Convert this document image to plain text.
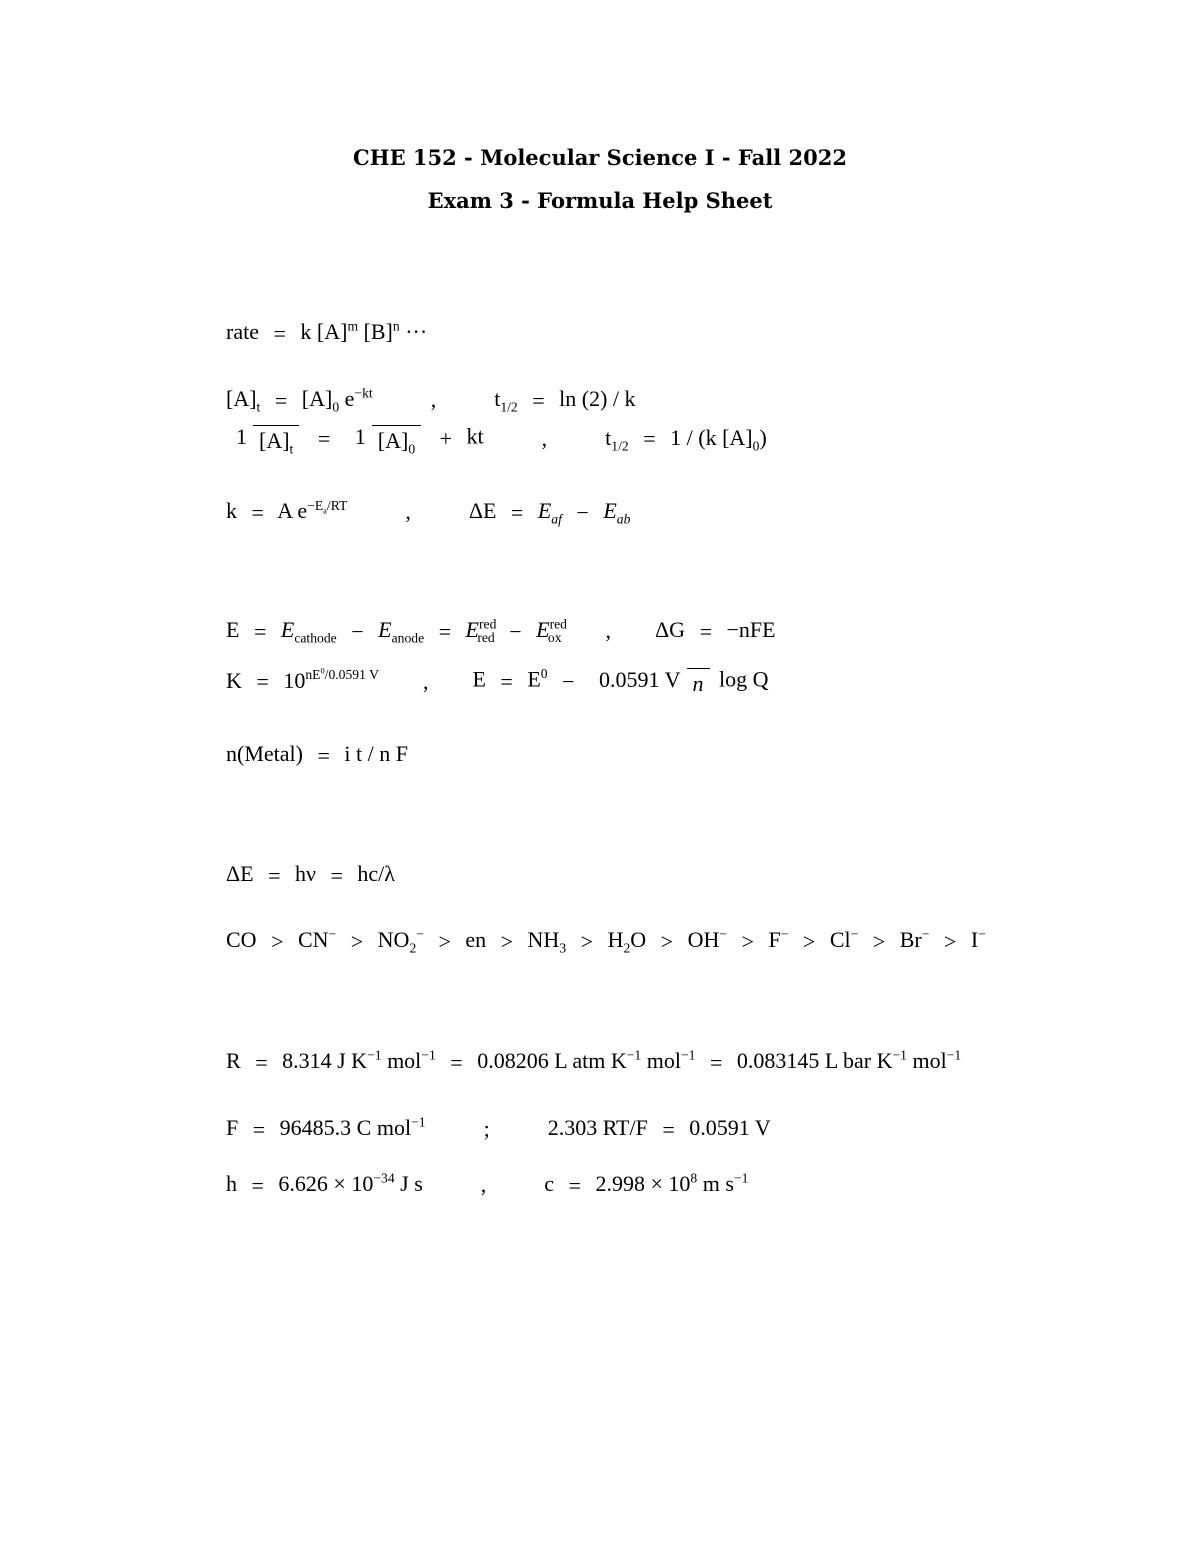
CHE 152 - Molecular Science I - Fall 2022
Exam 3 - Formula Help Sheet
rate = k $[A]^m$ $[B]^n$ ···
$[A]_t = [A]_0$ $e^{-kt}$	,	$t_{1/2} = \ln (2) / k$
1 $[A]_t = 1$ $[A]_0$ + kt	,	$t_{1/2} = 1 / (k$ $[A]_0$)
k = A $e^{-E_a/RT}$	,	$\Delta E = E_{af} - E_{ab}$
$E = E_{cathode} - E_{anode} = E^{red}_{red} - E^{red}_{ox}$ , ΔG = −nFE
$K = 10^{nE^0/0.0591 V}$ , $E = E^0 - 0.0591$ V n log Q
n(Metal) = i t / n F
ΔE = hν = hc/λ
CO > $CN^- > NO_2^-$ > en > $NH_3 > H_2O > OH^- > F^- > Cl^- > Br^- > I^-$
R = 8.314 J $K^{-1}$ mol$^{-1}$ = 0.08206 L atm $K^{-1}$ mol$^{-1}$ = 0.083145 L bar $K^{-1}$ mol$^{-1}$
F = 96485.3 C mol$^{-1}$	;	2.303 RT/F = 0.0591 V
$h = 6.626 \times 10^{-34}$ J s	,	$c = 2.998 \times 10^8$ m $s^{-1}$
